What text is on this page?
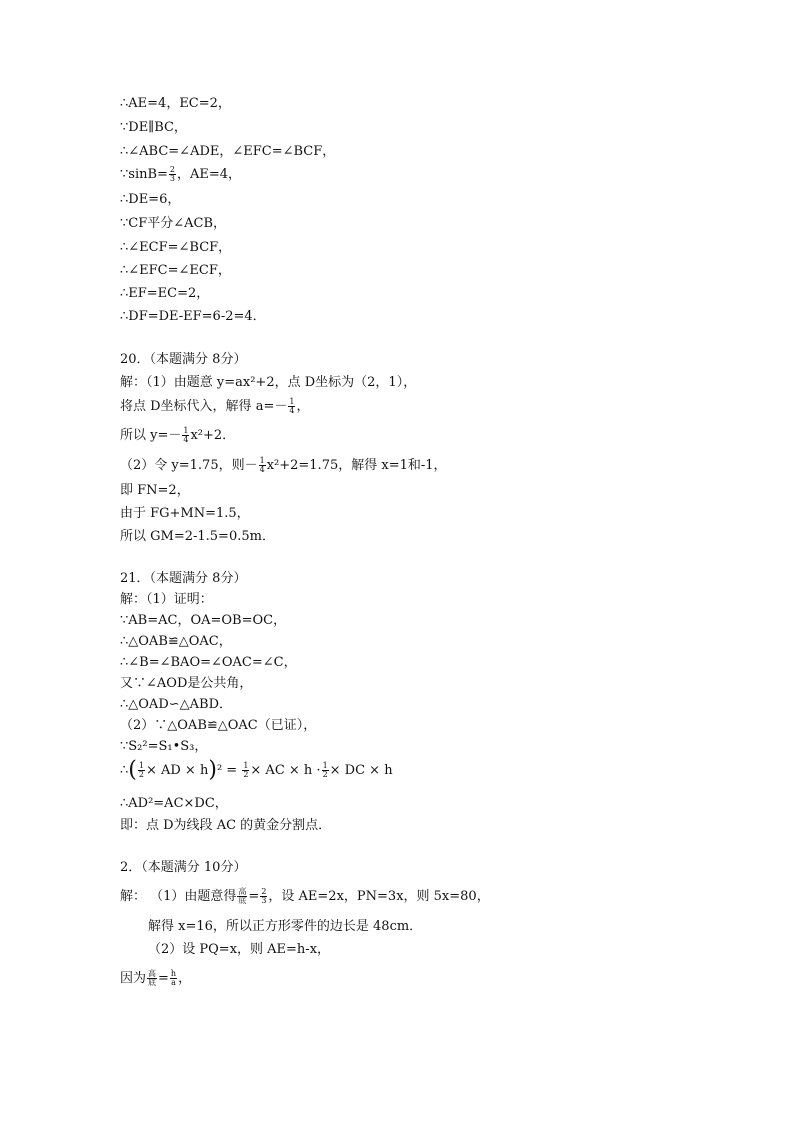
∴AE=4，EC=2，
∵DE∥BC，
∴∠ABC=∠ADE，∠EFC=∠BCF，
∵sinB= $\frac{2}{3}$ ，AE=4，
∴DE=6，
∵CF平分∠ACB，
∴∠ECF=∠BCF，
∴∠EFC=∠ECF，
∴EF=EC=2，
∴DF=DE-EF=6-2=4．
20．（本题满分 8分）
解：（1）由题意 y=ax²+2，点 D坐标为（2，1），
将点 D坐标代入，解得 $a=- \frac{1}{4}$ ，
所以 $y=- \frac{1}{4} x^2+2$．
（2）令 y=1.75，则－ $\frac{1}{4} x^2+2=1.75$，解得 x=1和-1，
即 FN=2，
由于 FG+MN=1.5，
所以 GM=2-1.5=0.5m．
21．（本题满分 8分）
解：（1）证明：
∵AB=AC，OA=OB=OC，
∴△OAB≌△OAC，
∴∠B=∠BAO=∠OAC=∠C，
又∵∠AOD是公共角，
∴△OAD∽△ABD．
（2）∵△OAB≌△OAC（已证），
∵S₂²=S₁•S₃，
∴( $\frac{1}{2}$ × AD × $h)^2 = \frac{1}{2}$ × AC × $h \cdot \frac{1}{2}$ × DC × h
∴AD²=AC×DC，
即：点 D为线段 AC 的黄金分割点．
2．（本题满分 10分）
解： （1）由题意得 $\frac{\text{高}}{\text{底}} = \frac{2}{3}$ ，设 AE=2x，PN=3x，则 5x=80，
解得 x=16，所以正方形零件的边长是 48cm．
（2）设 PQ=x，则 AE=h-x，
因为 $\frac{\text{高}}{\text{底}} = \frac{h}{a}$ ，
